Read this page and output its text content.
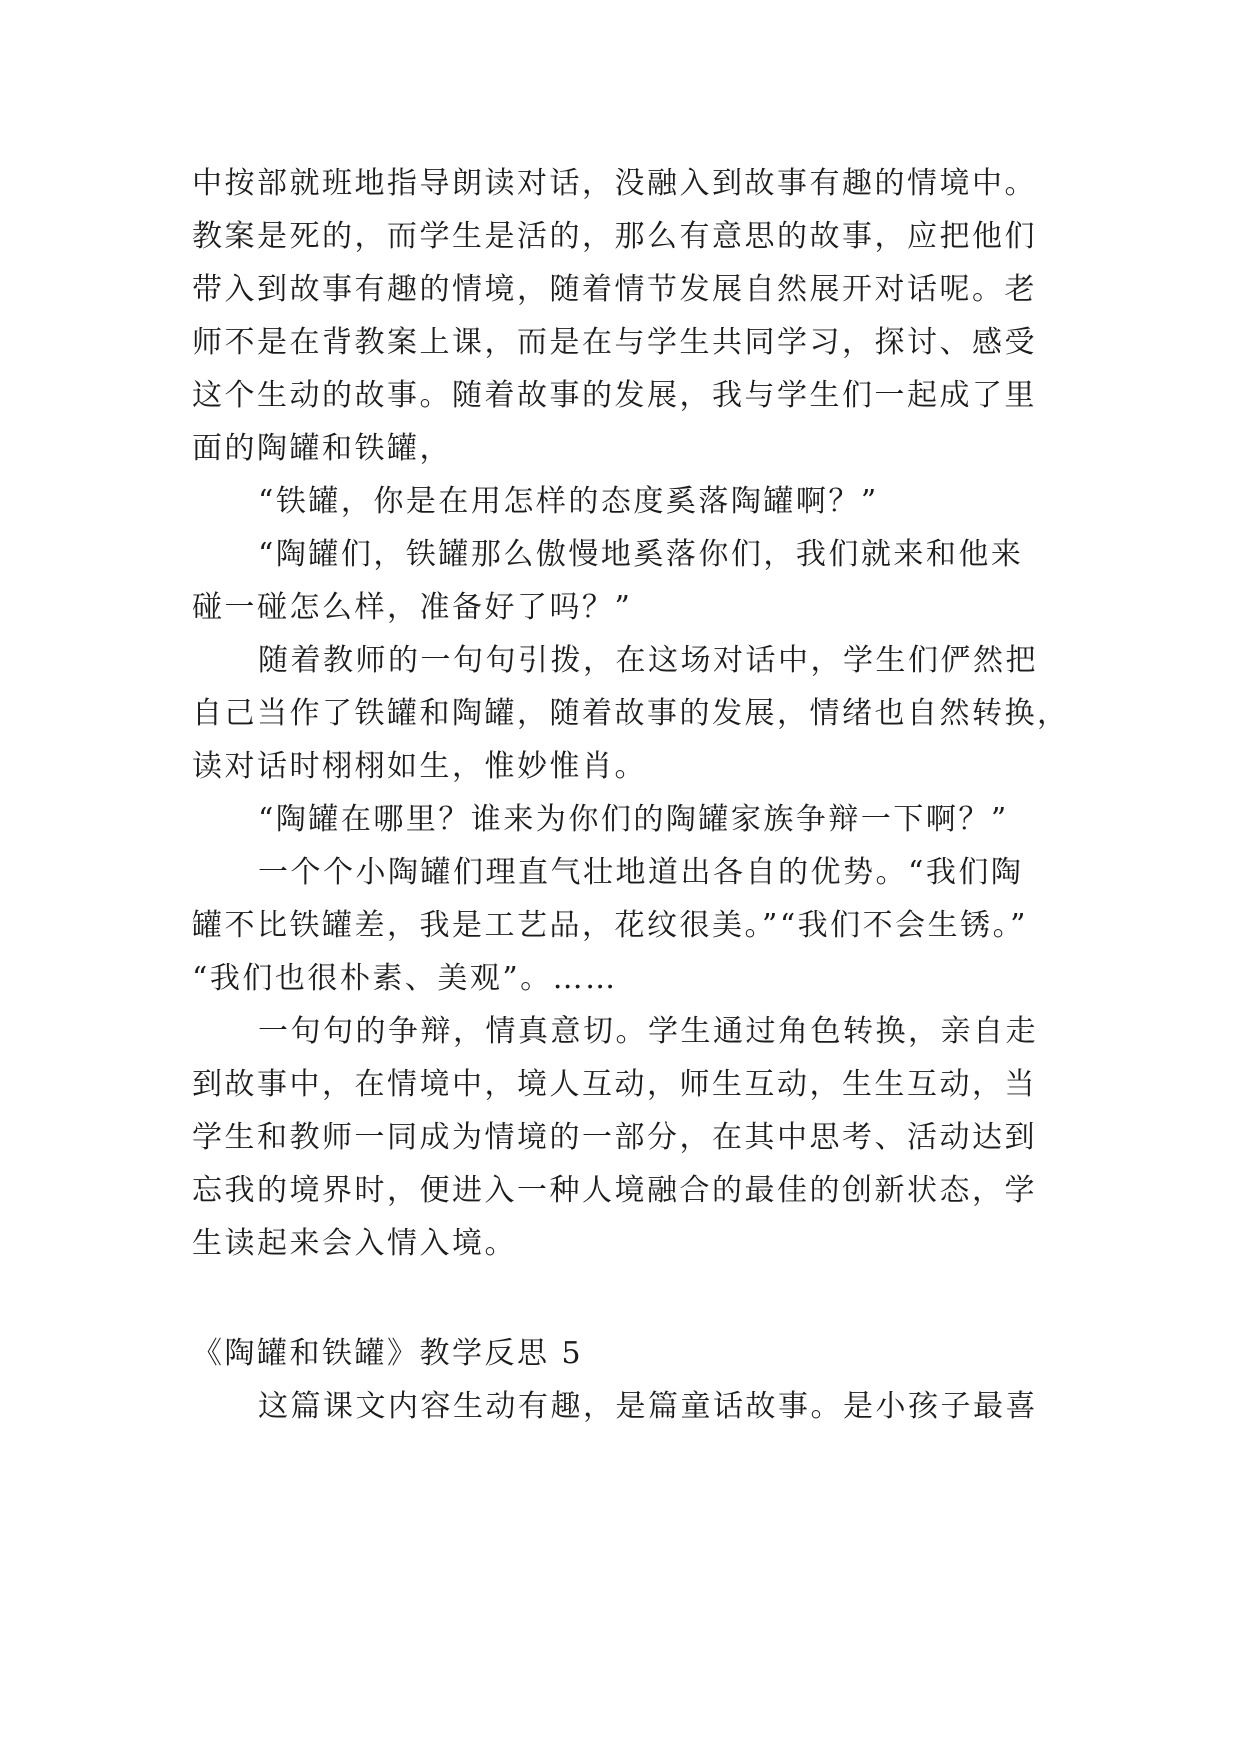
中按部就班地指导朗读对话，没融入到故事有趣的情境中。
教案是死的，而学生是活的，那么有意思的故事，应把他们
带入到故事有趣的情境，随着情节发展自然展开对话呢。老
师不是在背教案上课，而是在与学生共同学习，探讨、感受
这个生动的故事。随着故事的发展，我与学生们一起成了里
面的陶罐和铁罐，
“铁罐，你是在用怎样的态度奚落陶罐啊？”
“陶罐们，铁罐那么傲慢地奚落你们，我们就来和他来
碰一碰怎么样，准备好了吗？”
随着教师的一句句引拨，在这场对话中，学生们俨然把
自己当作了铁罐和陶罐，随着故事的发展，情绪也自然转换，
读对话时栩栩如生，惟妙惟肖。
“陶罐在哪里？谁来为你们的陶罐家族争辩一下啊？”
一个个小陶罐们理直气壮地道出各自的优势。“我们陶
罐不比铁罐差，我是工艺品，花纹很美。”“我们不会生锈。”
“我们也很朴素、美观”。……
一句句的争辩，情真意切。学生通过角色转换，亲自走
到故事中，在情境中，境人互动，师生互动，生生互动，当
学生和教师一同成为情境的一部分，在其中思考、活动达到
忘我的境界时，便进入一种人境融合的最佳的创新状态，学
生读起来会入情入境。
《陶罐和铁罐》教学反思 5
这篇课文内容生动有趣，是篇童话故事。是小孩子最喜
